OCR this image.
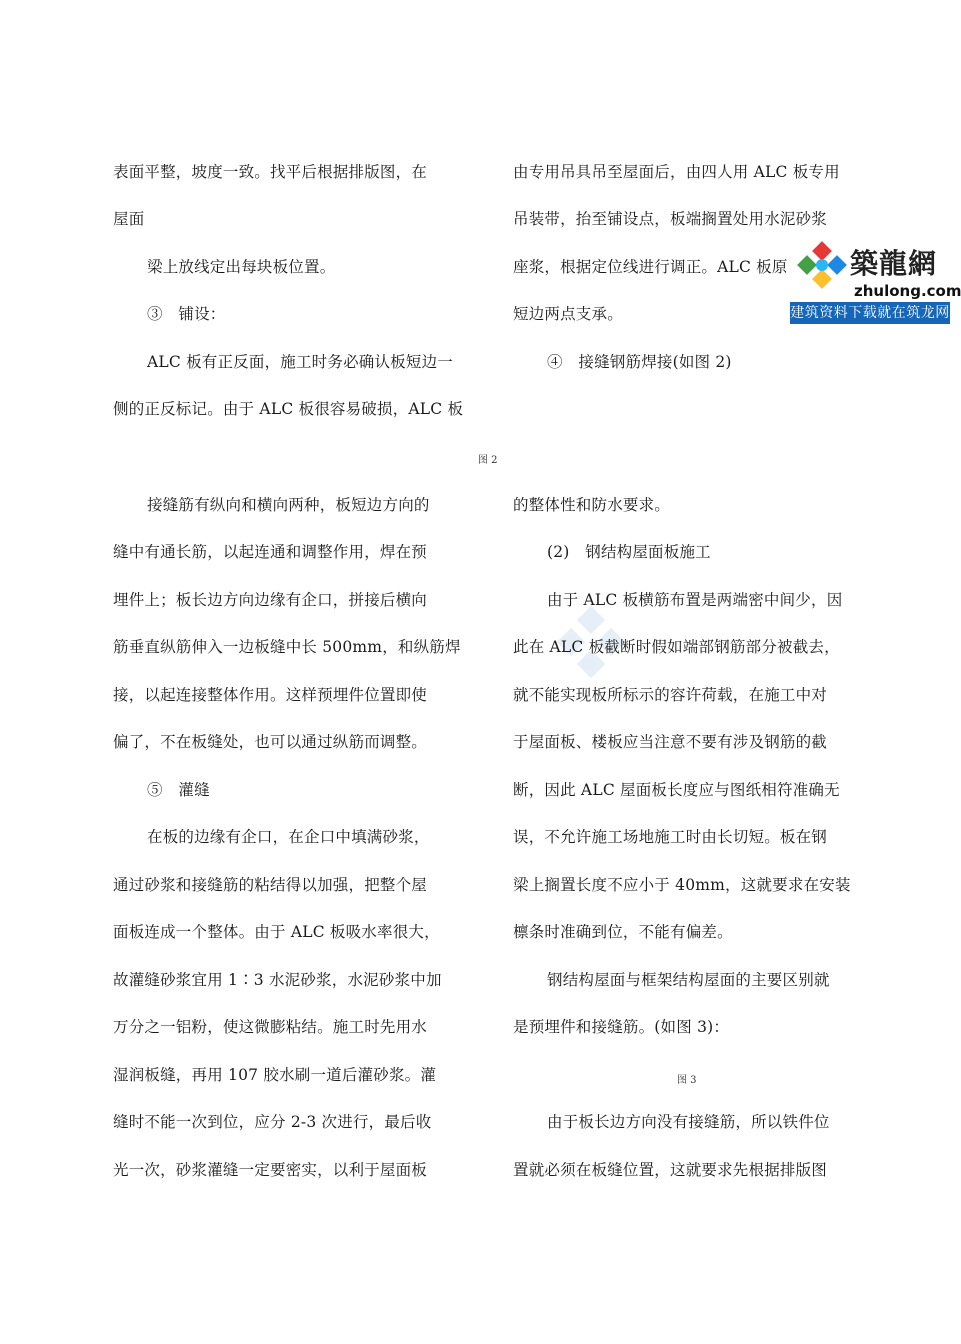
表面平整，坡度一致。找平后根据排版图，在
屋面
梁上放线定出每块板位置。
③　铺设：
ALC 板有正反面，施工时务必确认板短边一
侧的正反标记。由于 ALC 板很容易破损，ALC 板
接缝筋有纵向和横向两种，板短边方向的
缝中有通长筋，以起连通和调整作用，焊在预
埋件上；板长边方向边缘有企口，拼接后横向
筋垂直纵筋伸入一边板缝中长 500mm，和纵筋焊
接，以起连接整体作用。这样预埋件位置即使
偏了，不在板缝处，也可以通过纵筋而调整。
⑤　灌缝
在板的边缘有企口，在企口中填满砂浆，
通过砂浆和接缝筋的粘结得以加强，把整个屋
面板连成一个整体。由于 ALC 板吸水率很大，
故灌缝砂浆宜用 1∶3 水泥砂浆，水泥砂浆中加
万分之一铝粉，使这微膨粘结。施工时先用水
湿润板缝，再用 107 胶水刷一道后灌砂浆。灌
缝时不能一次到位，应分 2-3 次进行，最后收
光一次，砂浆灌缝一定要密实，以利于屋面板
图 2
图 3
由专用吊具吊至屋面后，由四人用 ALC 板专用
吊装带，抬至铺设点，板端搁置处用水泥砂浆
座浆，根据定位线进行调正。ALC 板原
短边两点支承。
④　接缝钢筋焊接(如图 2)
的整体性和防水要求。
(2)　钢结构屋面板施工
由于 ALC 板横筋布置是两端密中间少，因
此在 ALC 板截断时假如端部钢筋部分被截去，
就不能实现板所标示的容许荷载，在施工中对
于屋面板、楼板应当注意不要有涉及钢筋的截
断，因此 ALC 屋面板长度应与图纸相符准确无
误，不允许施工场地施工时由长切短。板在钢
梁上搁置长度不应小于 40mm，这就要求在安装
檩条时准确到位，不能有偏差。
钢结构屋面与框架结构屋面的主要区别就
是预埋件和接缝筋。(如图 3)：
由于板长边方向没有接缝筋，所以铁件位
置就必须在板缝位置，这就要求先根据排版图
築龍網
zhulong.com
建筑资料下载就在筑龙网
